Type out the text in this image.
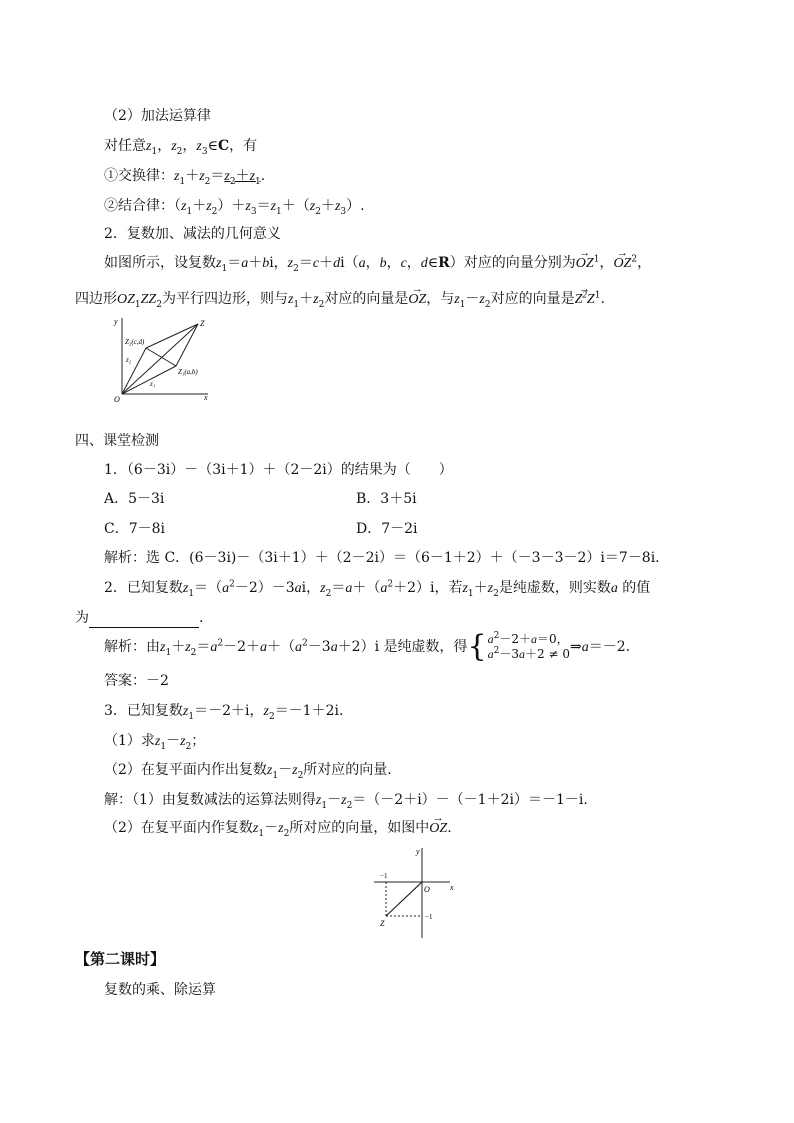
（2）加法运算律
对任意$z_1$，$z_2$，$z_3\in C$，有
①交换律：$z_1+z_2=z_2+z_1$.
②结合律：$(z_1+z_2)+z_3=z_1+(z_2+z_3)$.
2．复数加、减法的几何意义
如图所示，设复数$z_1=a+bi$，$z_2=c+di(a$，b，c，d∈R）对应的向量分别为→ $OZ^1$，→ $OZ^2$，
四边形$OZ_1ZZ_2$为平行四边形，则与$z_1+z_2$对应的向量是→ OZ，与$z_1-z_2$对应的向量是→ $Z^2Z^1$.
y
x
O
Z
Z₂(c,d)
Z₁(a,b)
z₂
z₁
四、课堂检测
1．（6－3i）－（3i＋1）＋（2－2i）的结果为（　　）
A．5－3i	B．3＋5i
C．7－8i	D．7－2i
解析：选 C．(6－3i)－（3i＋1）＋（2－2i）＝（6－1＋2）＋（－3－3－2）i＝7－8i.
2．已知复数$z_1=(a^2-2)-3ai$，$z_2=a+(a^2+2)i$，若$z_1+z_2$是纯虚数，则实数a 的值
为	.
解析：由$z_1+z_2=a^2-2+a+(a^2-3a+2)i$ 是纯虚数，得{$a^2-2+a=0$，
$a^2-3a+2$ ≠ 0⇒a＝－2.
答案：－2
3．已知复数$z_1=-2+i$，$z_2=-1+2i$.
（1）求$z_1-z_2$；
（2）在复平面内作出复数$z_1-z_2$所对应的向量.
解：（1）由复数减法的运算法则得$z_1-z_2=(-2+i)-(-1+2i)=-1-i$.
（2）在复平面内作复数$z_1-z_2$所对应的向量，如图中→ OZ.
y
x
O
Z
−1
−1
【第二课时】
复数的乘、除运算
